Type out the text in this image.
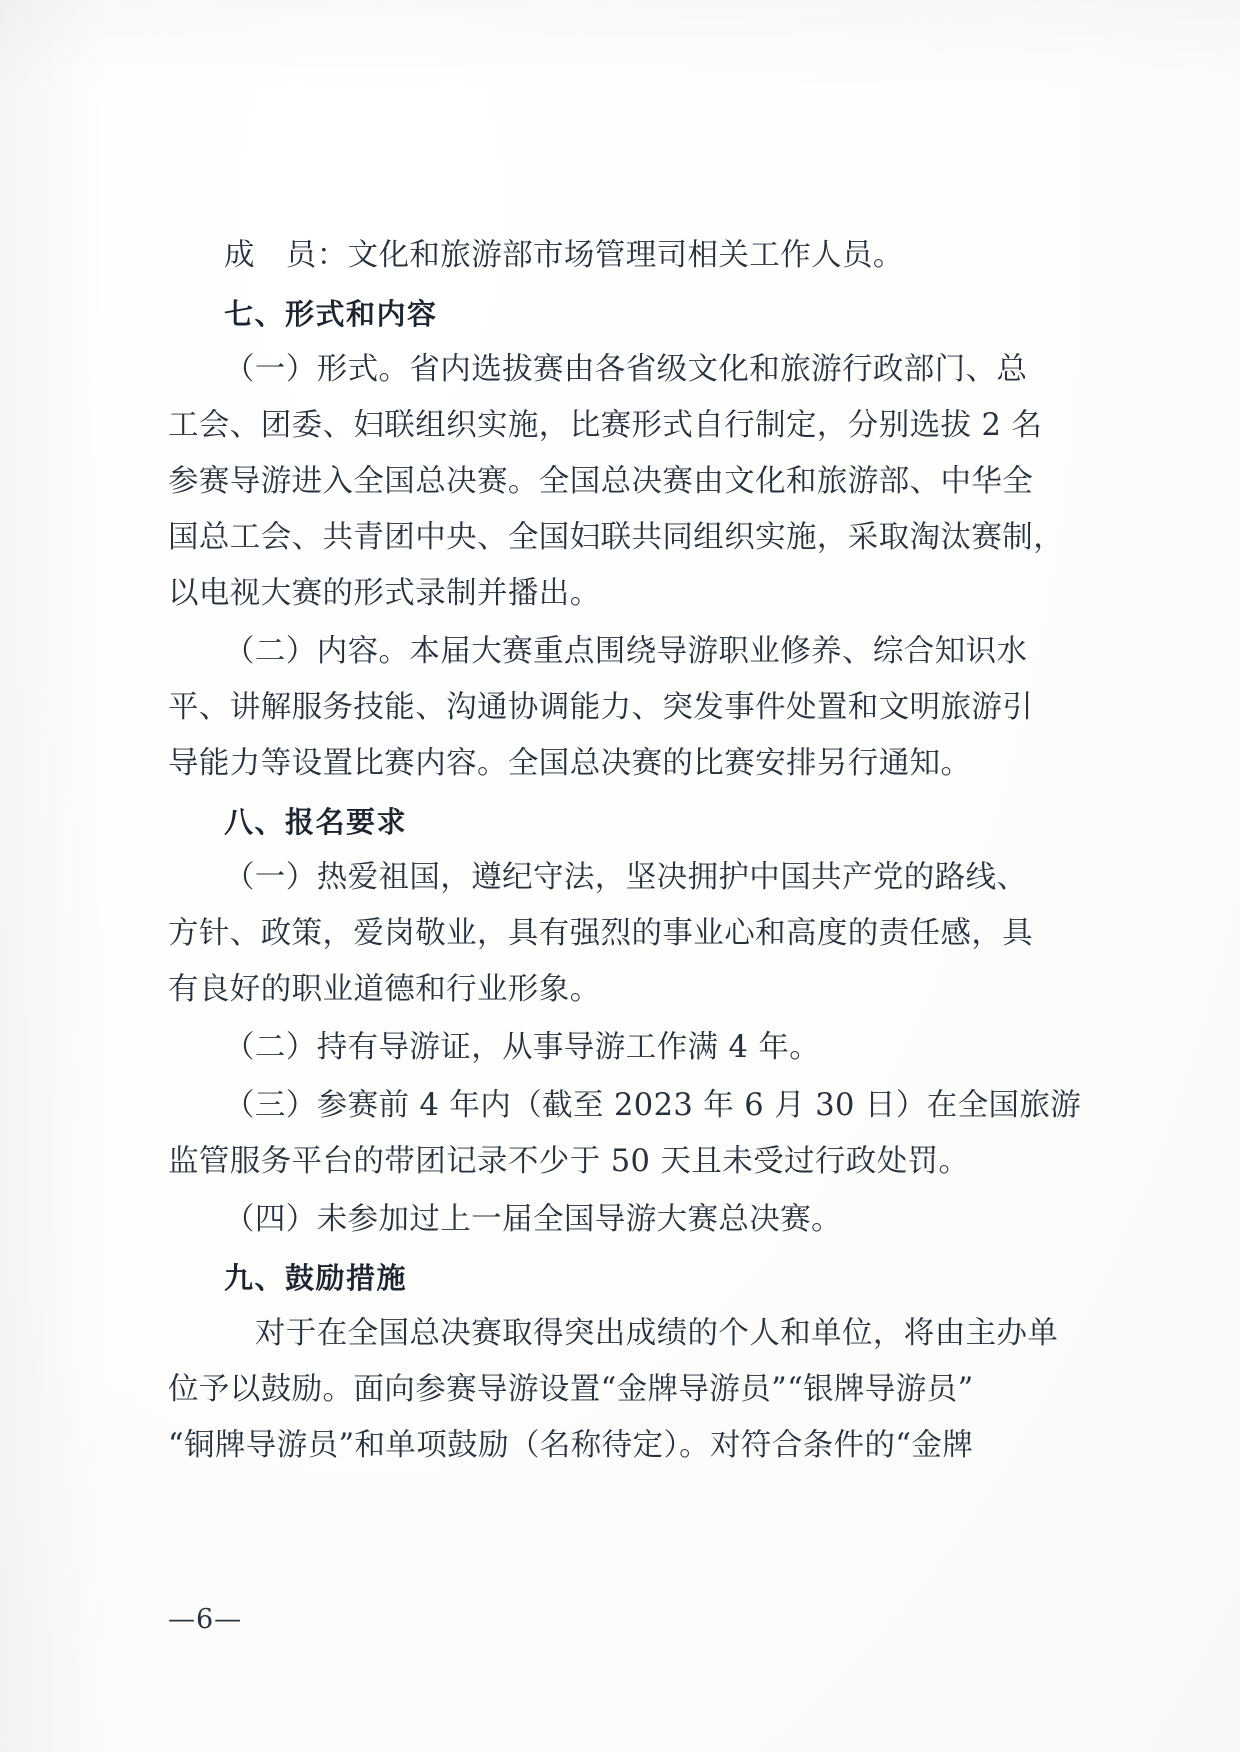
成　员：文化和旅游部市场管理司相关工作人员。
七、形式和内容
（一）形式。省内选拔赛由各省级文化和旅游行政部门、总
工会、团委、妇联组织实施，比赛形式自行制定，分别选拔 2 名
参赛导游进入全国总决赛。全国总决赛由文化和旅游部、中华全
国总工会、共青团中央、全国妇联共同组织实施，采取淘汰赛制，
以电视大赛的形式录制并播出。
（二）内容。本届大赛重点围绕导游职业修养、综合知识水
平、讲解服务技能、沟通协调能力、突发事件处置和文明旅游引
导能力等设置比赛内容。全国总决赛的比赛安排另行通知。
八、报名要求
（一）热爱祖国，遵纪守法，坚决拥护中国共产党的路线、
方针、政策，爱岗敬业，具有强烈的事业心和高度的责任感，具
有良好的职业道德和行业形象。
（二）持有导游证，从事导游工作满 4 年。
（三）参赛前 4 年内（截至 2023 年 6 月 30 日）在全国旅游
监管服务平台的带团记录不少于 50 天且未受过行政处罚。
（四）未参加过上一届全国导游大赛总决赛。
九、鼓励措施
　对于在全国总决赛取得突出成绩的个人和单位，将由主办单
位予以鼓励。面向参赛导游设置“金牌导游员”“银牌导游员”
“铜牌导游员”和单项鼓励（名称待定）。对符合条件的“金牌
—6—
